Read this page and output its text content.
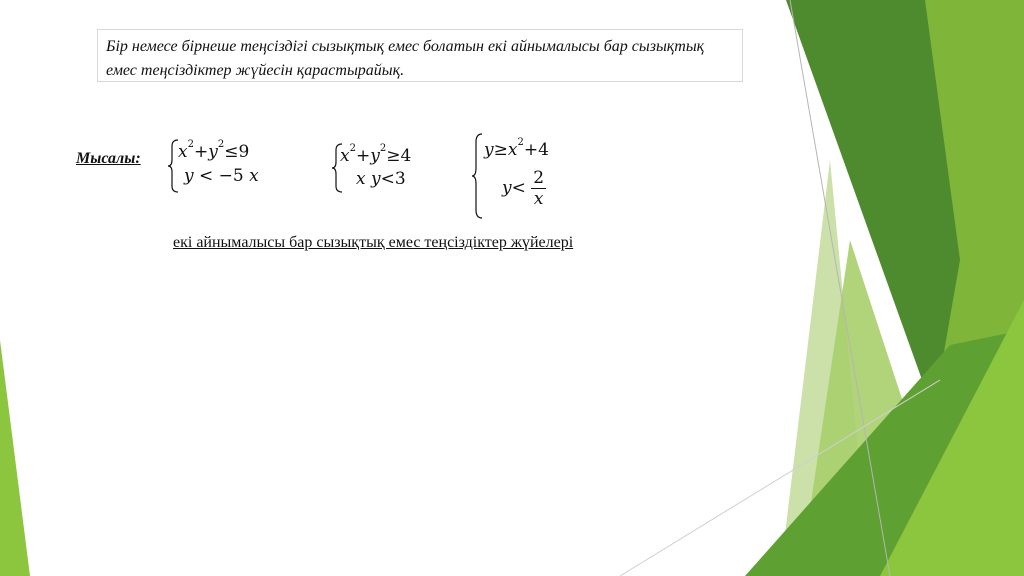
Бір немесе бірнеше теңсіздігі сызықтық емес болатын екі айнымалысы бар сызықтық емес теңсіздіктер жүйесін қарастырайық.
Мысалы: $x^2+y^2\le 9$
y < −5 x
$x^2+y^2\ge 4$
x y<3
$y\ge x^2+4$
$y< \frac{2}{x}$
екі айнымалысы бар сызықтық емес теңсіздіктер жүйелері
